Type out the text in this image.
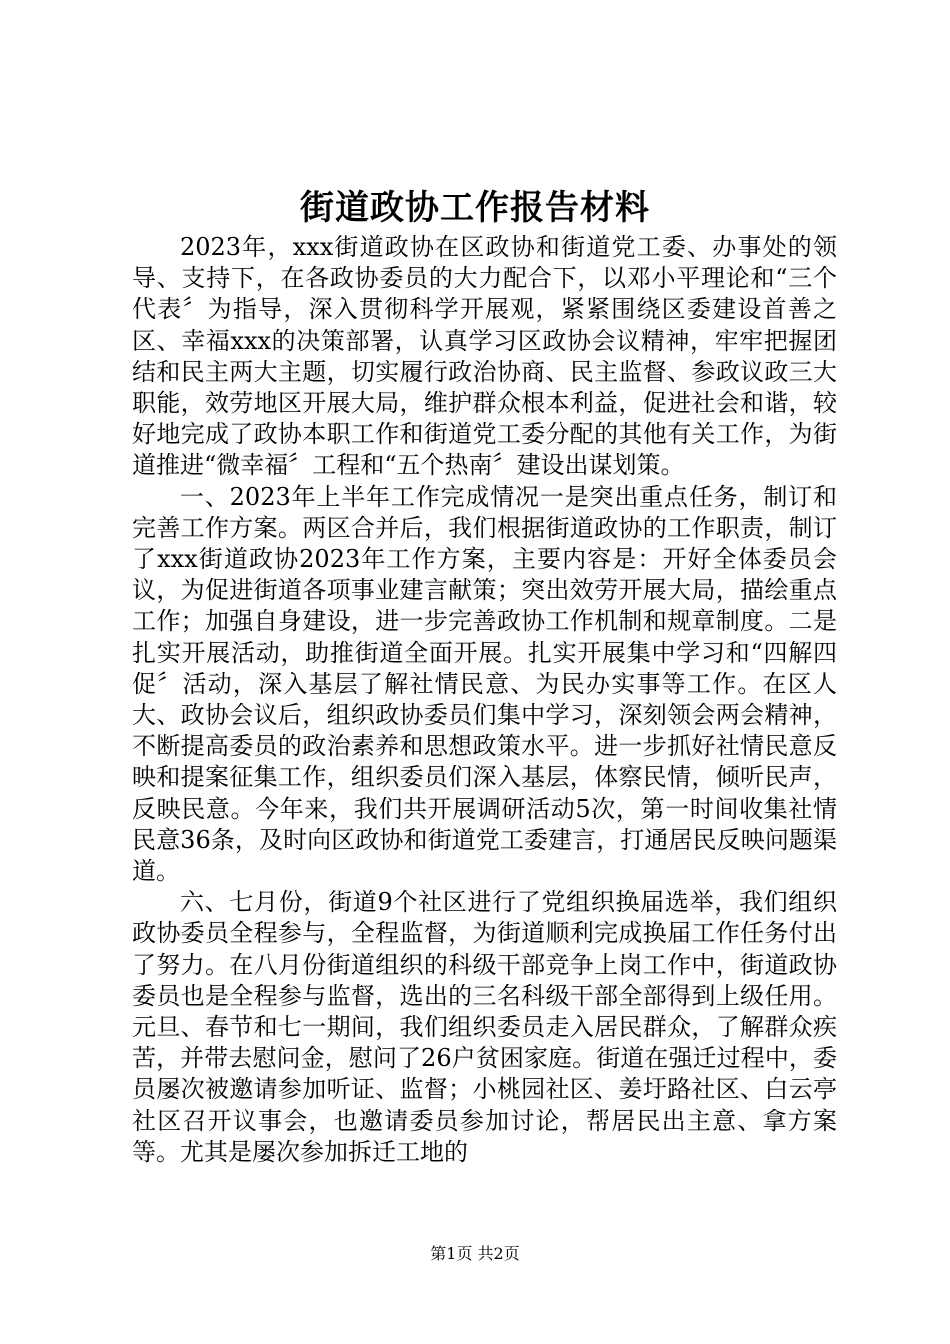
街道政协工作报告材料

2023年，xxx街道政协在区政协和街道党工委、办事处的领导、支持下，在各政协委员的大力配合下，以邓小平理论和“三个代表〞为指导，深入贯彻科学开展观，紧紧围绕区委建设首善之区、幸福xxx的决策部署，认真学习区政协会议精神，牢牢把握团结和民主两大主题，切实履行政治协商、民主监督、参政议政三大职能，效劳地区开展大局，维护群众根本利益，促进社会和谐，较好地完成了政协本职工作和街道党工委分配的其他有关工作，为街道推进“微幸福〞工程和“五个热南〞建设出谋划策。

一、2023年上半年工作完成情况一是突出重点任务，制订和完善工作方案。两区合并后，我们根据街道政协的工作职责，制订了xxx街道政协2023年工作方案，主要内容是：开好全体委员会议，为促进街道各项事业建言献策；突出效劳开展大局，描绘重点工作；加强自身建设，进一步完善政协工作机制和规章制度。二是扎实开展活动，助推街道全面开展。扎实开展集中学习和“四解四促〞活动，深入基层了解社情民意、为民办实事等工作。在区人大、政协会议后，组织政协委员们集中学习，深刻领会两会精神，不断提高委员的政治素养和思想政策水平。进一步抓好社情民意反映和提案征集工作，组织委员们深入基层，体察民情，倾听民声，反映民意。今年来，我们共开展调研活动5次，第一时间收集社情民意36条，及时向区政协和街道党工委建言，打通居民反映问题渠道。

六、七月份，街道9个社区进行了党组织换届选举，我们组织政协委员全程参与，全程监督，为街道顺利完成换届工作任务付出了努力。在八月份街道组织的科级干部竞争上岗工作中，街道政协委员也是全程参与监督，选出的三名科级干部全部得到上级任用。元旦、春节和七一期间，我们组织委员走入居民群众，了解群众疾苦，并带去慰问金，慰问了26户贫困家庭。街道在强迁过程中，委员屡次被邀请参加听证、监督；小桃园社区、姜圩路社区、白云亭社区召开议事会，也邀请委员参加讨论，帮居民出主意、拿方案等。尤其是屡次参加拆迁工地的

第1页 共2页
